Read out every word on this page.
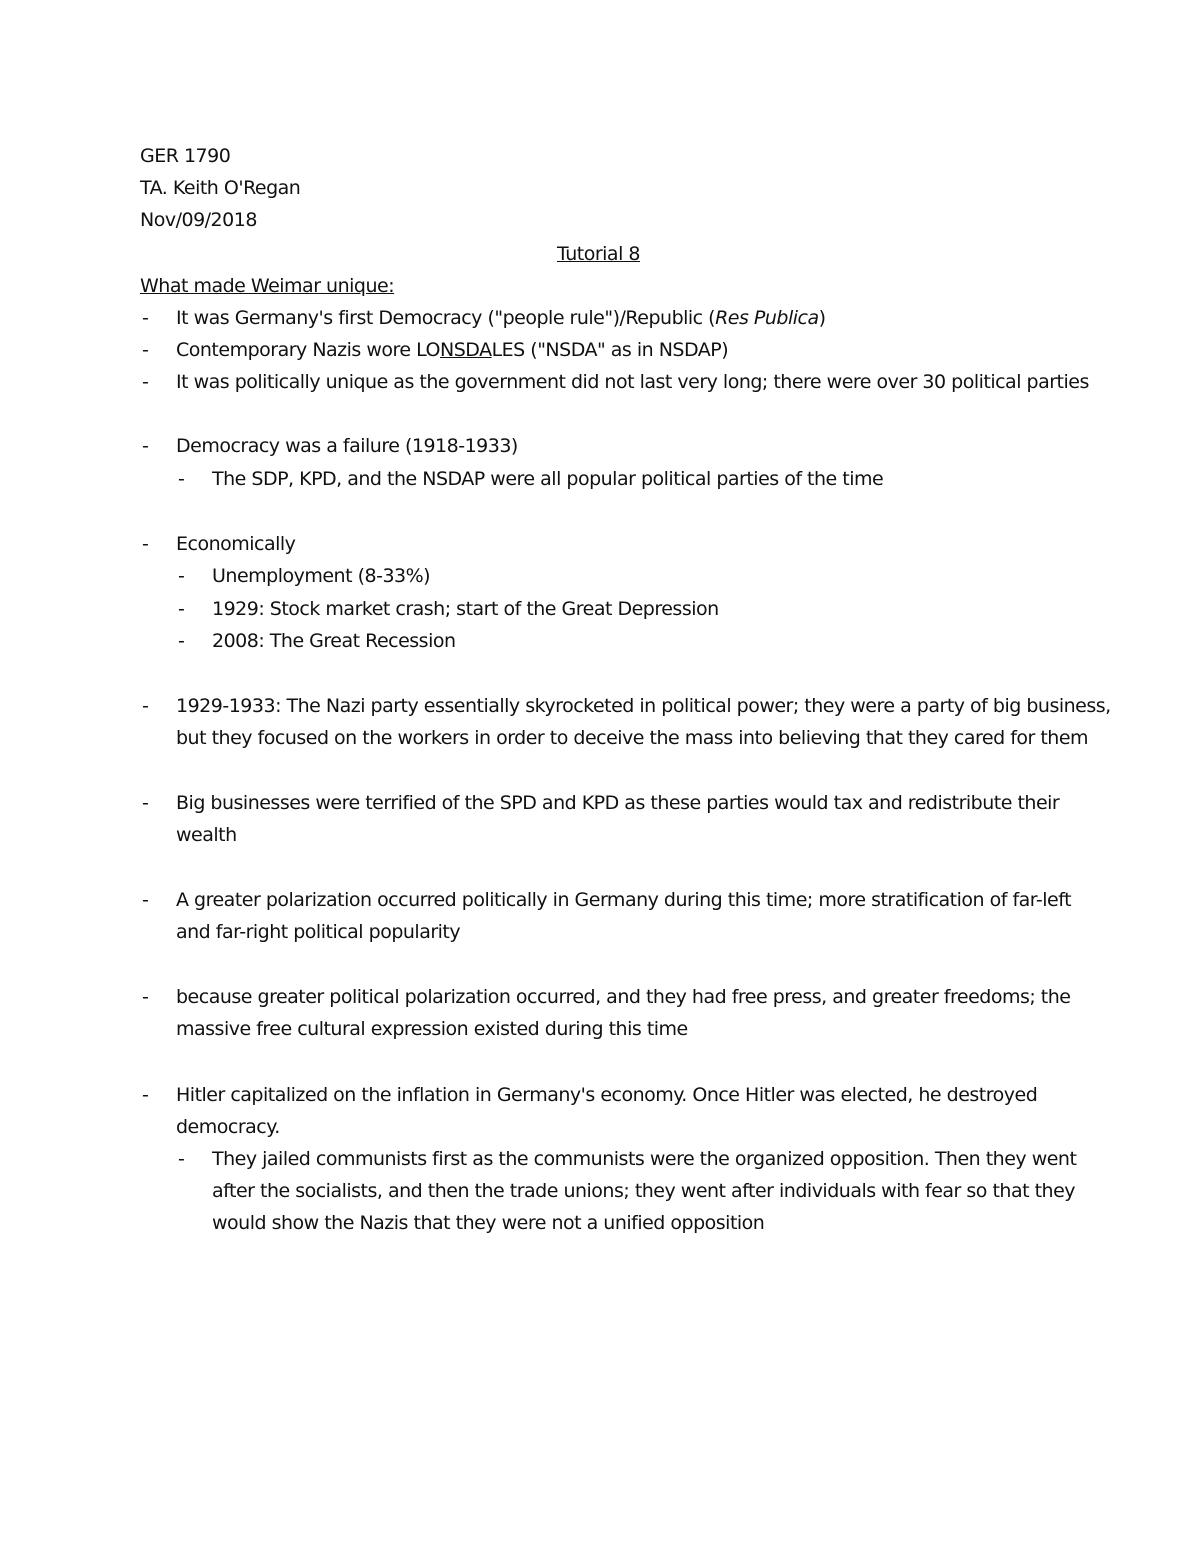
GER 1790
TA. Keith O'Regan
Nov/09/2018
Tutorial 8
What made Weimar unique:
- It was Germany's first Democracy ("people rule")/Republic (Res Publica)
- Contemporary Nazis wore LONSDALES ("NSDA" as in NSDAP)
- It was politically unique as the government did not last very long; there were over 30 political parties
- Democracy was a failure (1918-1933)
- The SDP, KPD, and the NSDAP were all popular political parties of the time
- Economically
- Unemployment (8-33%)
- 1929: Stock market crash; start of the Great Depression
- 2008: The Great Recession
- 1929-1933: The Nazi party essentially skyrocketed in political power; they were a party of big business,
but they focused on the workers in order to deceive the mass into believing that they cared for them
- Big businesses were terrified of the SPD and KPD as these parties would tax and redistribute their
wealth
- A greater polarization occurred politically in Germany during this time; more stratification of far-left
and far-right political popularity
- because greater political polarization occurred, and they had free press, and greater freedoms; the
massive free cultural expression existed during this time
- Hitler capitalized on the inflation in Germany's economy. Once Hitler was elected, he destroyed
democracy.
- They jailed communists first as the communists were the organized opposition. Then they went
after the socialists, and then the trade unions; they went after individuals with fear so that they
would show the Nazis that they were not a unified opposition
